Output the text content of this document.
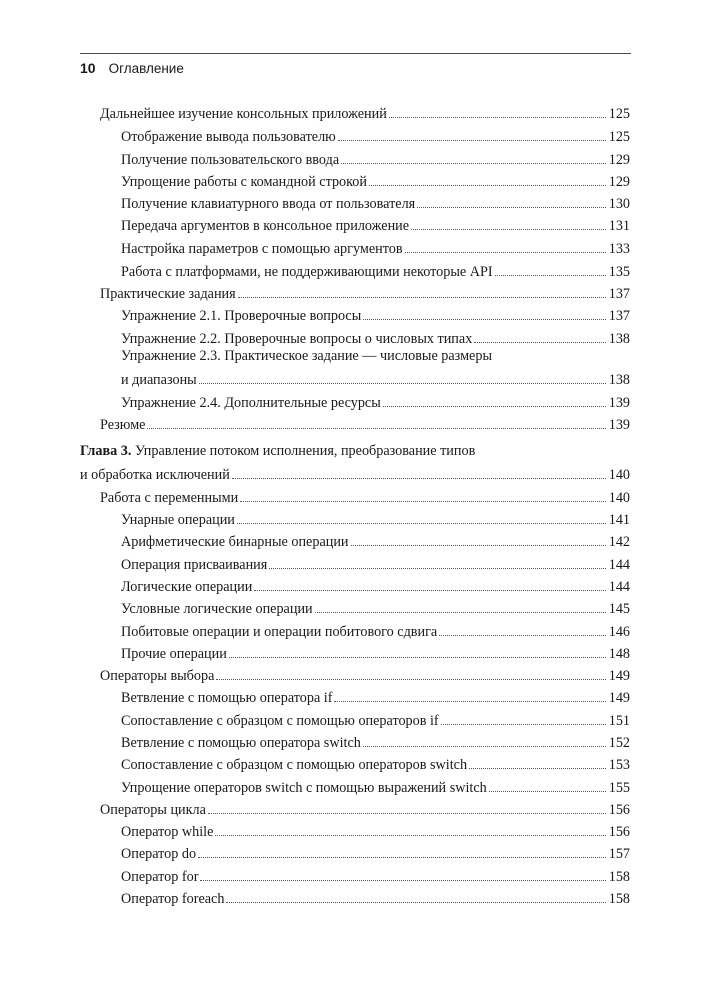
10 Оглавление
Дальнейшее изучение консольных приложений	125
Отображение вывода пользователю	125
Получение пользовательского ввода	129
Упрощение работы с командной строкой	129
Получение клавиатурного ввода от пользователя	130
Передача аргументов в консольное приложение	131
Настройка параметров с помощью аргументов	133
Работа с платформами, не поддерживающими некоторые API	135
Практические задания	137
Упражнение 2.1. Проверочные вопросы	137
Упражнение 2.2. Проверочные вопросы о числовых типах	138
Упражнение 2.3. Практическое задание — числовые размеры
и диапазоны	138
Упражнение 2.4. Дополнительные ресурсы	139
Резюме	139
Глава 3. Управление потоком исполнения, преобразование типов
и обработка исключений	140
Работа с переменными	140
Унарные операции	141
Арифметические бинарные операции	142
Операция присваивания	144
Логические операции	144
Условные логические операции	145
Побитовые операции и операции побитового сдвига	146
Прочие операции	148
Операторы выбора	149
Ветвление с помощью оператора if	149
Сопоставление с образцом с помощью операторов if	151
Ветвление с помощью оператора switch	152
Сопоставление с образцом с помощью операторов switch	153
Упрощение операторов switch с помощью выражений switch	155
Операторы цикла	156
Оператор while	156
Оператор do	157
Оператор for	158
Оператор foreach	158
